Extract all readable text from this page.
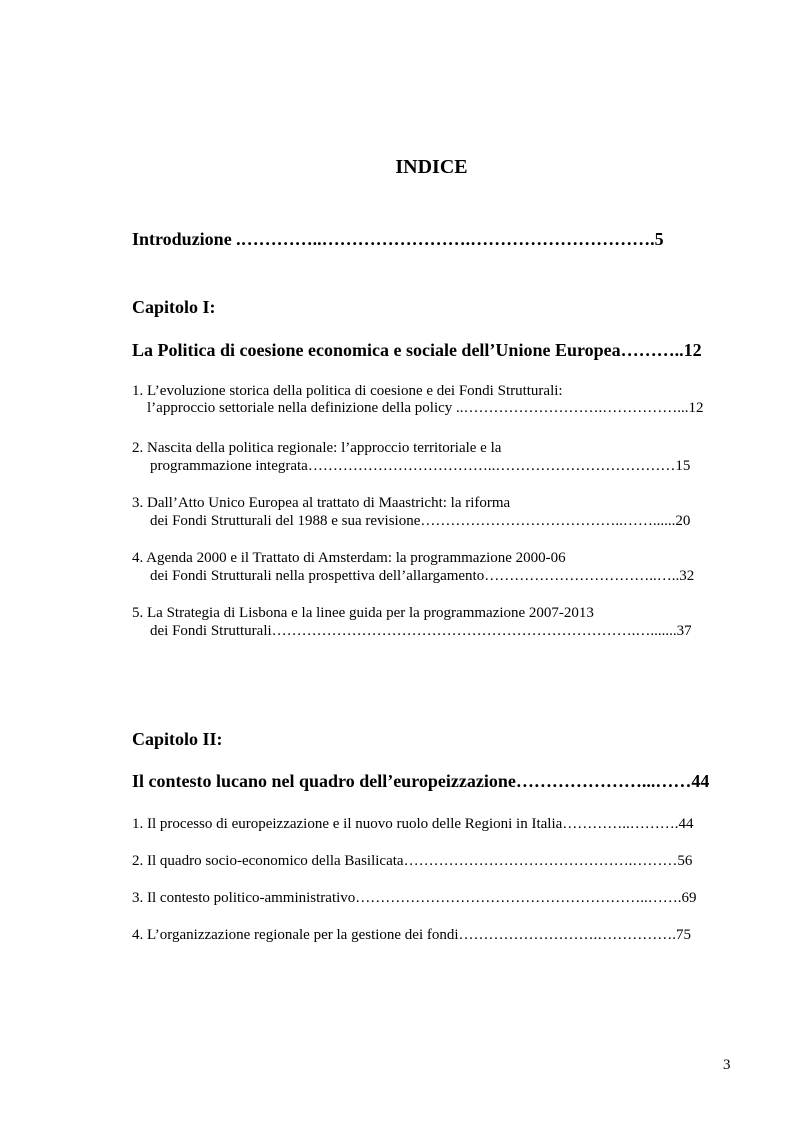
INDICE
Introduzione .…………..…………………….………………………….5
Capitolo I:
La Politica di coesione economica e sociale dell’Unione Europea………..12
1. L’evoluzione storica della politica di coesione e dei Fondi Strutturali:
l’approccio settoriale nella definizione della policy ..……………………….……………...12
2. Nascita della politica regionale: l’approccio territoriale e la
programmazione integrata………………………………..………………………………15
3. Dall’Atto Unico Europea al trattato di Maastricht: la riforma
dei Fondi Strutturali del 1988 e sua revisione…………………………………..……......20
4. Agenda 2000 e il Trattato di Amsterdam: la programmazione 2000-06
dei Fondi Strutturali nella prospettiva dell’allargamento……………………………..…..32
5. La Strategia di Lisbona e la linee guida per la programmazione 2007-2013
dei Fondi Strutturali……………………………………………………………….….......37
Capitolo II:
Il contesto lucano nel quadro dell’europeizzazione…………………...……44
1. Il processo di europeizzazione e il nuovo ruolo delle Regioni in Italia…………..……….44
2. Il quadro socio-economico della Basilicata……………………………………….………56
3. Il contesto politico-amministrativo…………………………………………………..…….69
4. L’organizzazione regionale per la gestione dei fondi……………………….…………….75
3
